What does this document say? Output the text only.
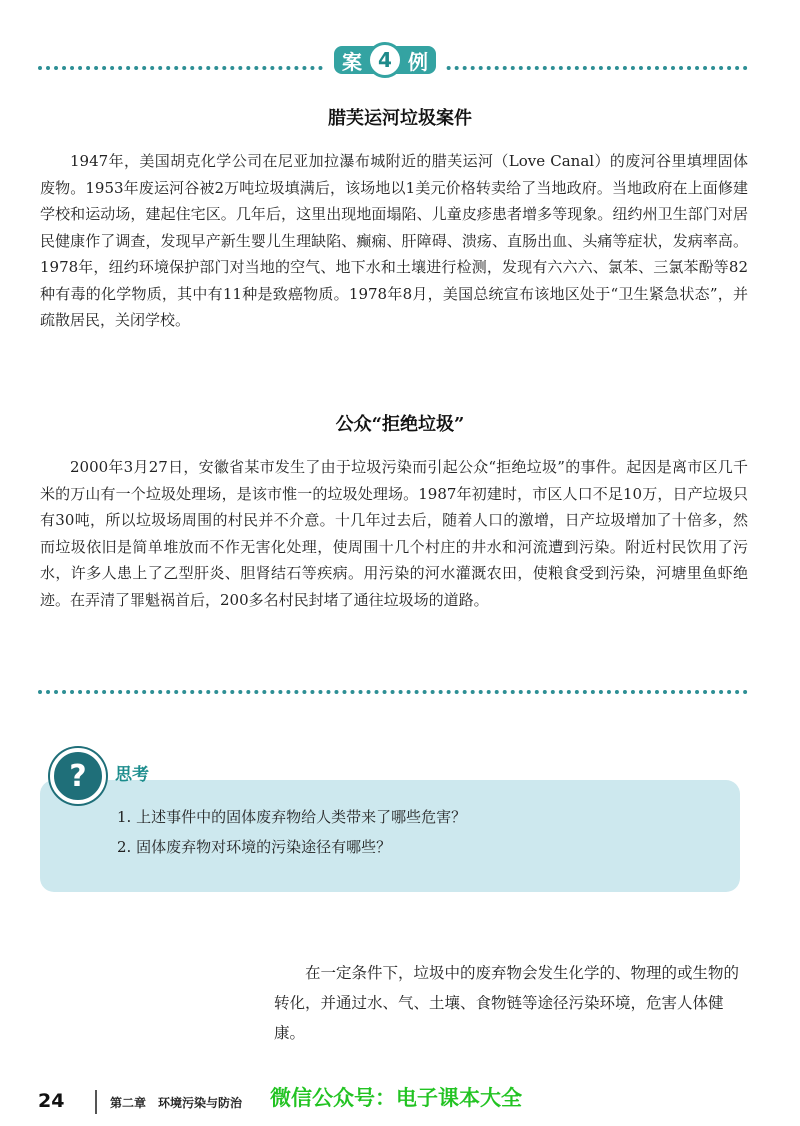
案 4 例
腊芙运河垃圾案件
1947年，美国胡克化学公司在尼亚加拉瀑布城附近的腊芙运河（Love Canal）的废河谷里填埋固体废物。1953年废运河谷被2万吨垃圾填满后，该场地以1美元价格转卖给了当地政府。当地政府在上面修建学校和运动场，建起住宅区。几年后，这里出现地面塌陷、儿童皮疹患者增多等现象。纽约州卫生部门对居民健康作了调查，发现早产新生婴儿生理缺陷、癫痫、肝障碍、溃疡、直肠出血、头痛等症状，发病率高。1978年，纽约环境保护部门对当地的空气、地下水和土壤进行检测，发现有六六六、氯苯、三氯苯酚等82种有毒的化学物质，其中有11种是致癌物质。1978年8月，美国总统宣布该地区处于“卫生紧急状态”，并疏散居民，关闭学校。
公众“拒绝垃圾”
2000年3月27日，安徽省某市发生了由于垃圾污染而引起公众“拒绝垃圾”的事件。起因是离市区几千米的万山有一个垃圾处理场，是该市惟一的垃圾处理场。1987年初建时，市区人口不足10万，日产垃圾只有30吨，所以垃圾场周围的村民并不介意。十几年过去后，随着人口的激增，日产垃圾增加了十倍多，然而垃圾依旧是简单堆放而不作无害化处理，使周围十几个村庄的井水和河流遭到污染。附近村民饮用了污水，许多人患上了乙型肝炎、胆肾结石等疾病。用污染的河水灌溉农田，使粮食受到污染，河塘里鱼虾绝迹。在弄清了罪魁祸首后，200多名村民封堵了通往垃圾场的道路。
?	思考
1. 上述事件中的固体废弃物给人类带来了哪些危害？
2. 固体废弃物对环境的污染途径有哪些？
在一定条件下，垃圾中的废弃物会发生化学的、物理的或生物的转化，并通过水、气、土壤、食物链等途径污染环境，危害人体健康。
24	第二章　环境污染与防治 微信公众号：电子课本大全
